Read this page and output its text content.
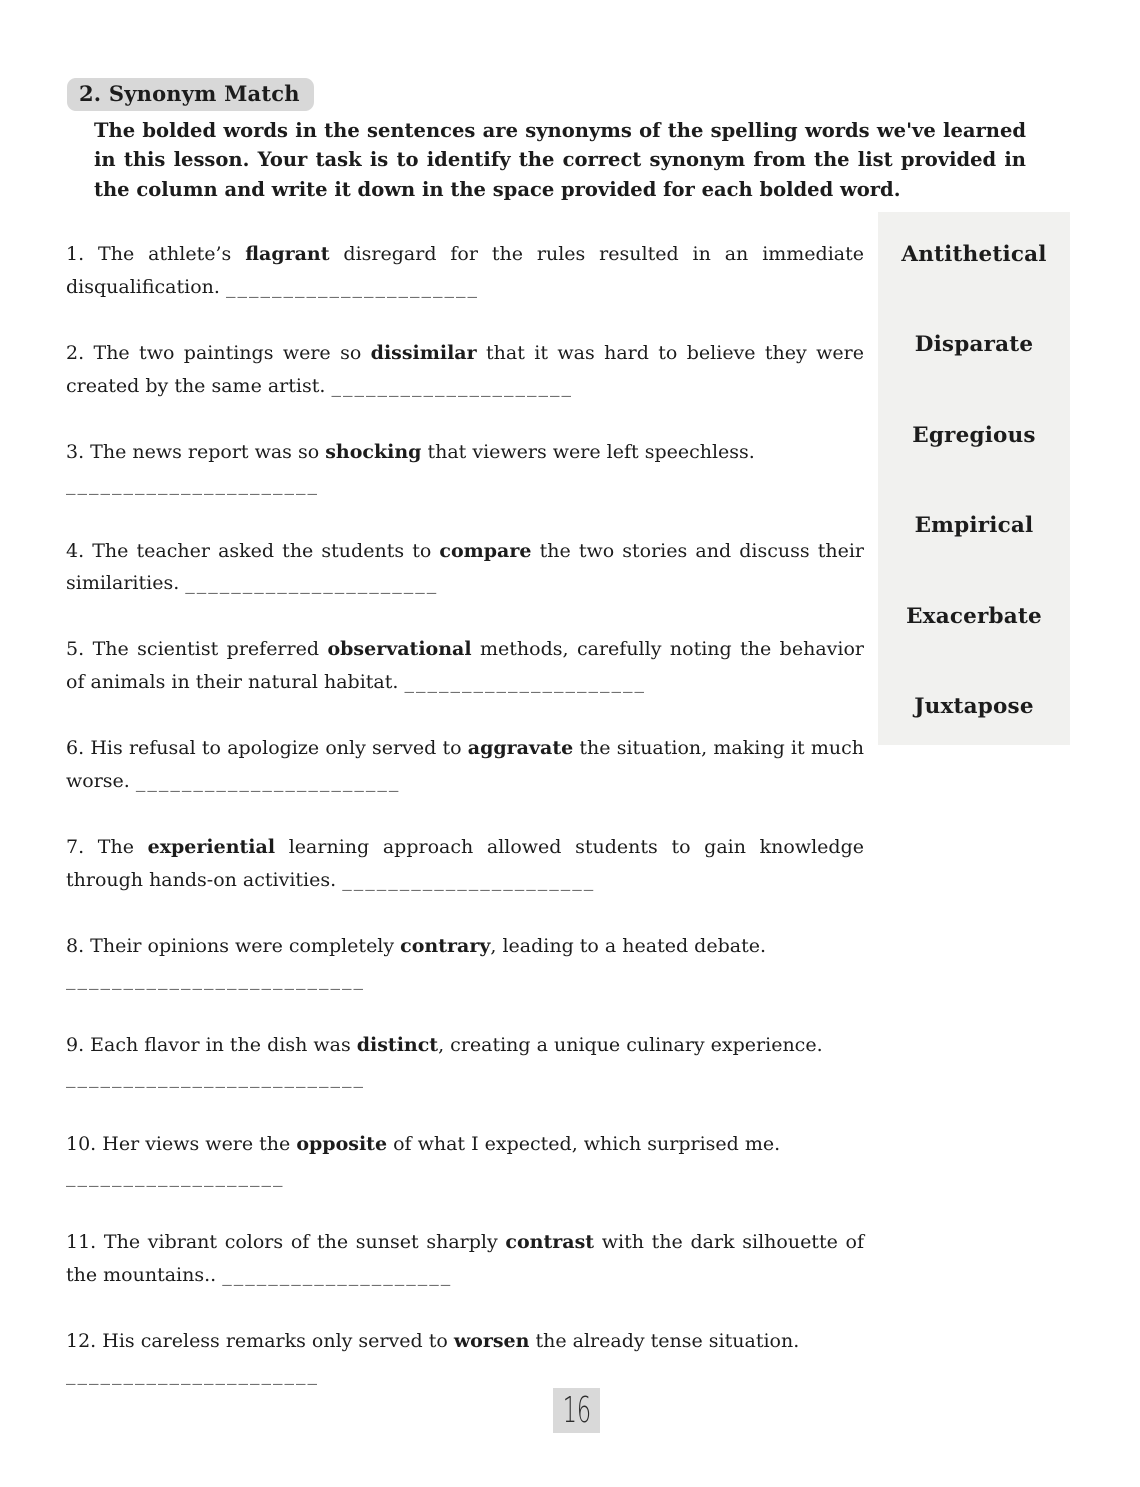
2. Synonym Match
The bolded words in the sentences are synonyms of the spelling words we've learned in this lesson. Your task is to identify the correct synonym from the list provided in the column and write it down in the space provided for each bolded word.
1. The athlete’s flagrant disregard for the rules resulted in an immediate disqualification. ______________________
2. The two paintings were so dissimilar that it was hard to believe they were created by the same artist. _____________________
3. The news report was so shocking that viewers were left speechless.
______________________
4. The teacher asked the students to compare the two stories and discuss their similarities. ______________________
5. The scientist preferred observational methods, carefully noting the behavior of animals in their natural habitat. _____________________
6. His refusal to apologize only served to aggravate the situation, making it much worse. _______________________
7. The experiential learning approach allowed students to gain knowledge through hands-on activities. ______________________
8. Their opinions were completely contrary, leading to a heated debate.
__________________________
9. Each flavor in the dish was distinct, creating a unique culinary experience.
__________________________
10. Her views were the opposite of what I expected, which surprised me.
___________________
11. The vibrant colors of the sunset sharply contrast with the dark silhouette of the mountains.. ____________________
12. His careless remarks only served to worsen the already tense situation.
______________________
Antithetical
Disparate
Egregious
Empirical
Exacerbate
Juxtapose
16
